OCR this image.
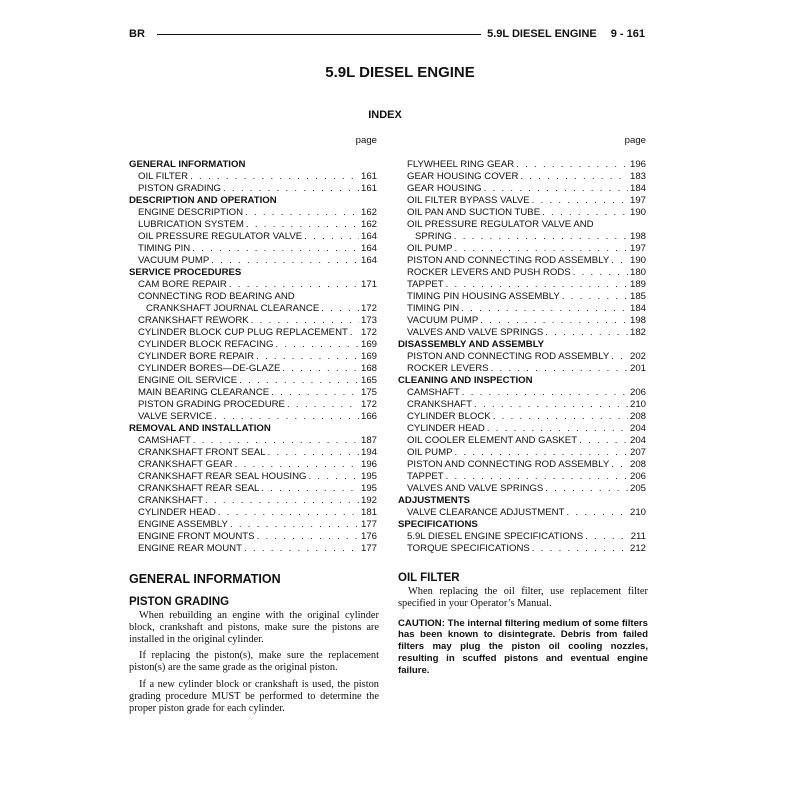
BR	5.9L DIESEL ENGINE 9 - 161
5.9L DIESEL ENGINE
INDEX
page
GENERAL INFORMATION
OIL FILTER . . .	161
PISTON GRADING . . .	161
DESCRIPTION AND OPERATION
ENGINE DESCRIPTION . . .	162
LUBRICATION SYSTEM . . .	162
OIL PRESSURE REGULATOR VALVE . . .	164
TIMING PIN . . .	164
VACUUM PUMP . . .	164
SERVICE PROCEDURES
CAM BORE REPAIR . . .	171
CONNECTING ROD BEARING AND
CRANKSHAFT JOURNAL CLEARANCE . . .	172
CRANKSHAFT REWORK . . .	173
CYLINDER BLOCK CUP PLUG REPLACEMENT . . . 172
CYLINDER BLOCK REFACING . . .	169
CYLINDER BORE REPAIR . . .	169
CYLINDER BORES—DE-GLAZE . . .	168
ENGINE OIL SERVICE . . .	165
MAIN BEARING CLEARANCE . . .	175
PISTON GRADING PROCEDURE . . .	172
VALVE SERVICE . . .	166
REMOVAL AND INSTALLATION
CAMSHAFT . . .	187
CRANKSHAFT FRONT SEAL . . .	194
CRANKSHAFT GEAR . . .	196
CRANKSHAFT REAR SEAL HOUSING . . .	195
CRANKSHAFT REAR SEAL . . .	195
CRANKSHAFT . . .	192
CYLINDER HEAD . . .	181
ENGINE ASSEMBLY . . .	177
ENGINE FRONT MOUNTS . . .	176
ENGINE REAR MOUNT . . .	177
page
FLYWHEEL RING GEAR . . .	196
GEAR HOUSING COVER . . .	183
GEAR HOUSING . . .	184
OIL FILTER BYPASS VALVE . . .	197
OIL PAN AND SUCTION TUBE . . .	190
OIL PRESSURE REGULATOR VALVE AND
SPRING . . .	198
OIL PUMP . . .	197
PISTON AND CONNECTING ROD ASSEMBLY . . . 190
ROCKER LEVERS AND PUSH RODS . . .	180
TAPPET . . .	189
TIMING PIN HOUSING ASSEMBLY . . .	185
TIMING PIN . . .	184
VACUUM PUMP . . .	198
VALVES AND VALVE SPRINGS . . .	182
DISASSEMBLY AND ASSEMBLY
PISTON AND CONNECTING ROD ASSEMBLY . . . 202
ROCKER LEVERS . . .	201
CLEANING AND INSPECTION
CAMSHAFT . . .	206
CRANKSHAFT . . .	210
CYLINDER BLOCK . . .	208
CYLINDER HEAD . . .	204
OIL COOLER ELEMENT AND GASKET . . .	204
OIL PUMP . . .	207
PISTON AND CONNECTING ROD ASSEMBLY . . . 208
TAPPET . . .	206
VALVES AND VALVE SPRINGS . . .	205
ADJUSTMENTS
VALVE CLEARANCE ADJUSTMENT . . .	210
SPECIFICATIONS
5.9L DIESEL ENGINE SPECIFICATIONS . . .	211
TORQUE SPECIFICATIONS . . .	212
GENERAL INFORMATION
PISTON GRADING

When rebuilding an engine with the original cylinder block, crankshaft and pistons, make sure the pistons are installed in the original cylinder.

If replacing the piston(s), make sure the replacement piston(s) are the same grade as the original piston.

If a new cylinder block or crankshaft is used, the piston grading procedure MUST be performed to determine the proper piston grade for each cylinder.

OIL FILTER

When replacing the oil filter, use replacement filter specified in your Operator’s Manual.

CAUTION: The internal filtering medium of some filters has been known to disintegrate. Debris from failed filters may plug the piston oil cooling nozzles, resulting in scuffed pistons and eventual engine failure.
